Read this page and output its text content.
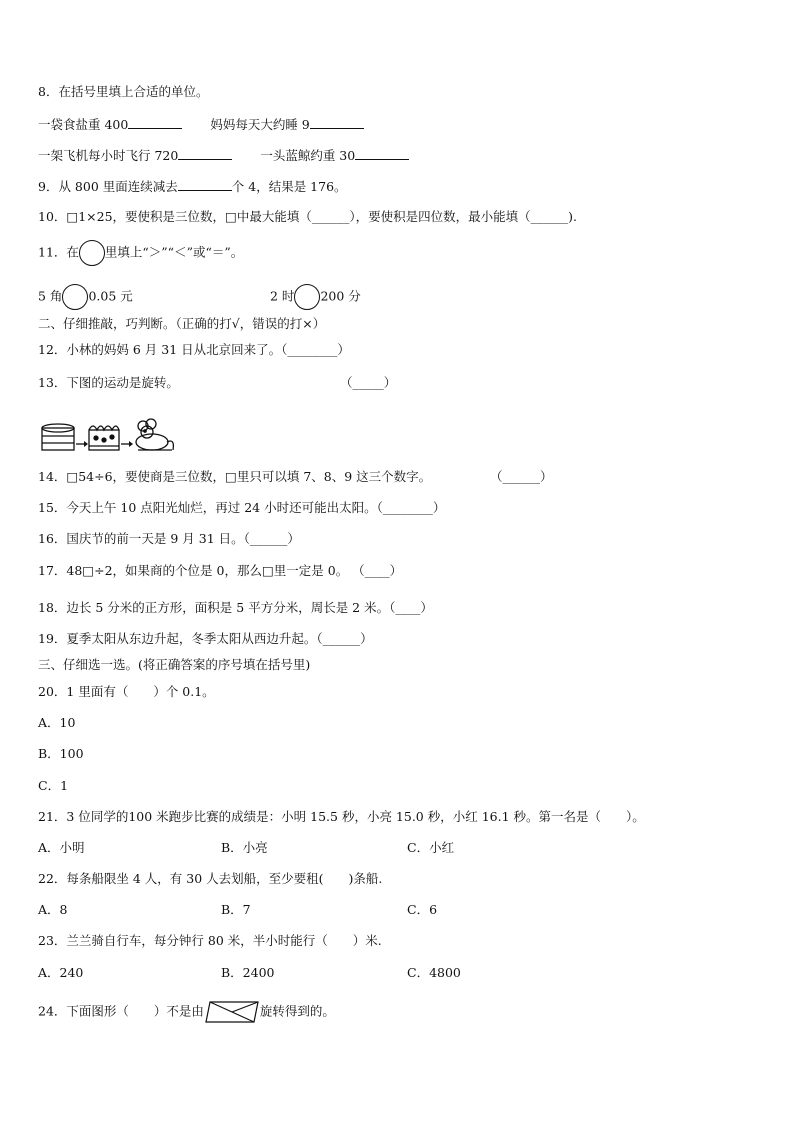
8．在括号里填上合适的单位。
一袋食盐重 400	妈妈每天大约睡 9
一架飞机每小时飞行 720	一头蓝鲸约重 30
9．从 800 里面连续减去	个 4，结果是 176。
10．□1×25，要使积是三位数，□中最大能填（______），要使积是四位数，最小能填（______).
11．在 里填上“＞”“＜”或“＝”。
5 角 0.05 元	2 时 200 分
二、仔细推敲，巧判断。（正确的打√，错误的打×）
12．小林的妈妈 6 月 31 日从北京回来了。（________）
13．下图的运动是旋转。	（_____）
14．□54÷6，要使商是三位数，□里只可以填 7、8、9 这三个数字。	（______）
15．今天上午 10 点阳光灿烂，再过 24 小时还可能出太阳。（________）
16．国庆节的前一天是 9 月 31 日。（______）
17．48□÷2，如果商的个位是 0，那么□里一定是 0。 （____）
18．边长 5 分米的正方形，面积是 5 平方分米，周长是 2 米。（____）
19．夏季太阳从东边升起，冬季太阳从西边升起。（______）
三、仔细选一选。(将正确答案的序号填在括号里)
20．1 里面有（　　）个 0.1。
A．10
B．100
C．1
21．3 位同学的100 米跑步比赛的成绩是：小明 15.5 秒，小亮 15.0 秒，小红 16.1 秒。第一名是（　　）。
A．小明	B．小亮	C．小红
22．每条船限坐 4 人，有 30 人去划船，至少要租(　　)条船.
A．8	B．7	C．6
23．兰兰骑自行车，每分钟行 80 米，半小时能行（　　）米.
A．240	B．2400	C．4800
24．下面图形（　　）不是由	旋转得到的。
